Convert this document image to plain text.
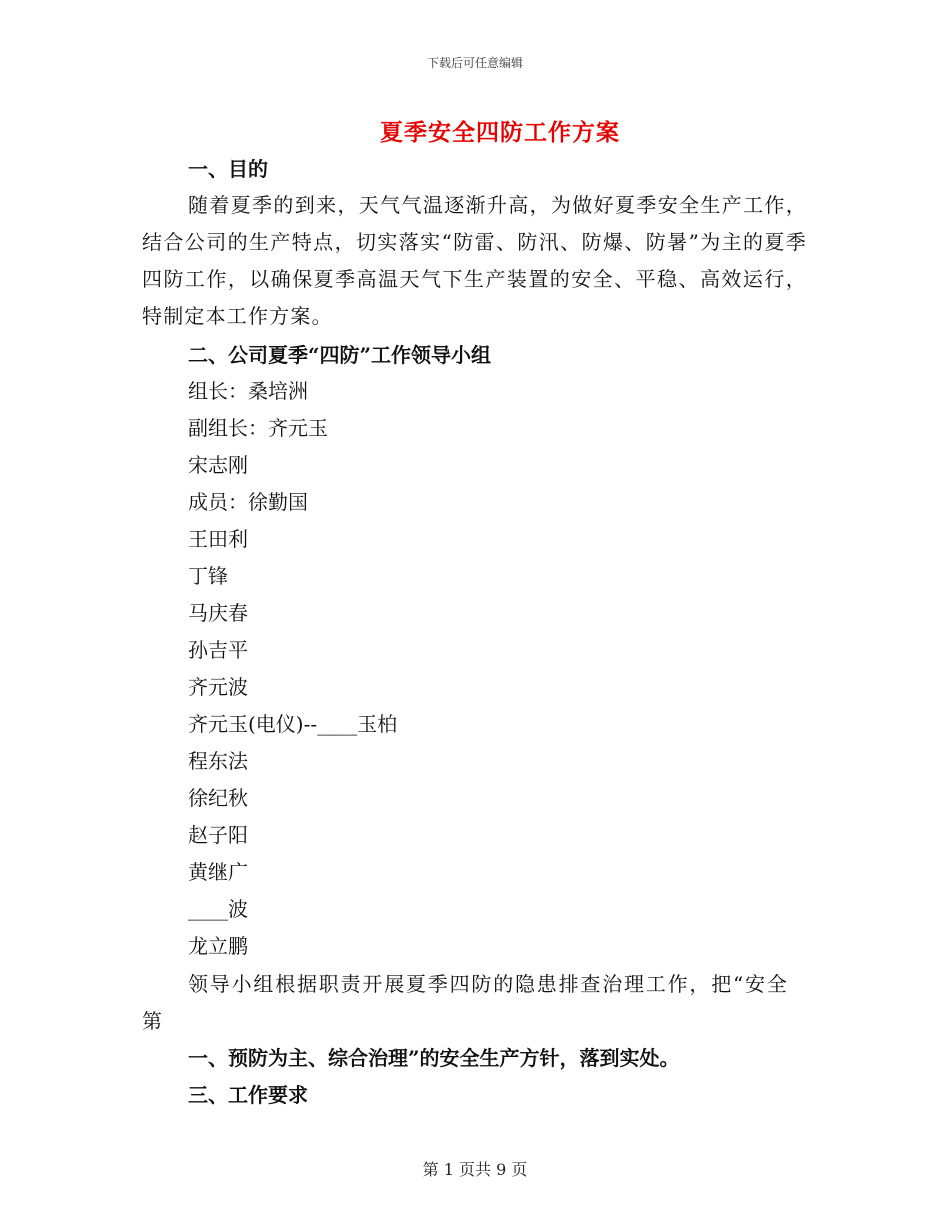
下载后可任意编辑
夏季安全四防工作方案
一、目的
随着夏季的到来，天气气温逐渐升高，为做好夏季安全生产工作，结合公司的生产特点，切实落实“防雷、防汛、防爆、防暑”为主的夏季四防工作，以确保夏季高温天气下生产装置的安全、平稳、高效运行，特制定本工作方案。
二、公司夏季“四防”工作领导小组
组长：桑培洲
副组长：齐元玉
宋志刚
成员：徐勤国
王田利
丁锋
马庆春
孙吉平
齐元波
齐元玉(电仪)--____玉柏
程东法
徐纪秋
赵子阳
黄继广
____波
龙立鹏
领导小组根据职责开展夏季四防的隐患排查治理工作，把“安全第
一、预防为主、综合治理”的安全生产方针，落到实处。
三、工作要求
第 1 页共 9 页
